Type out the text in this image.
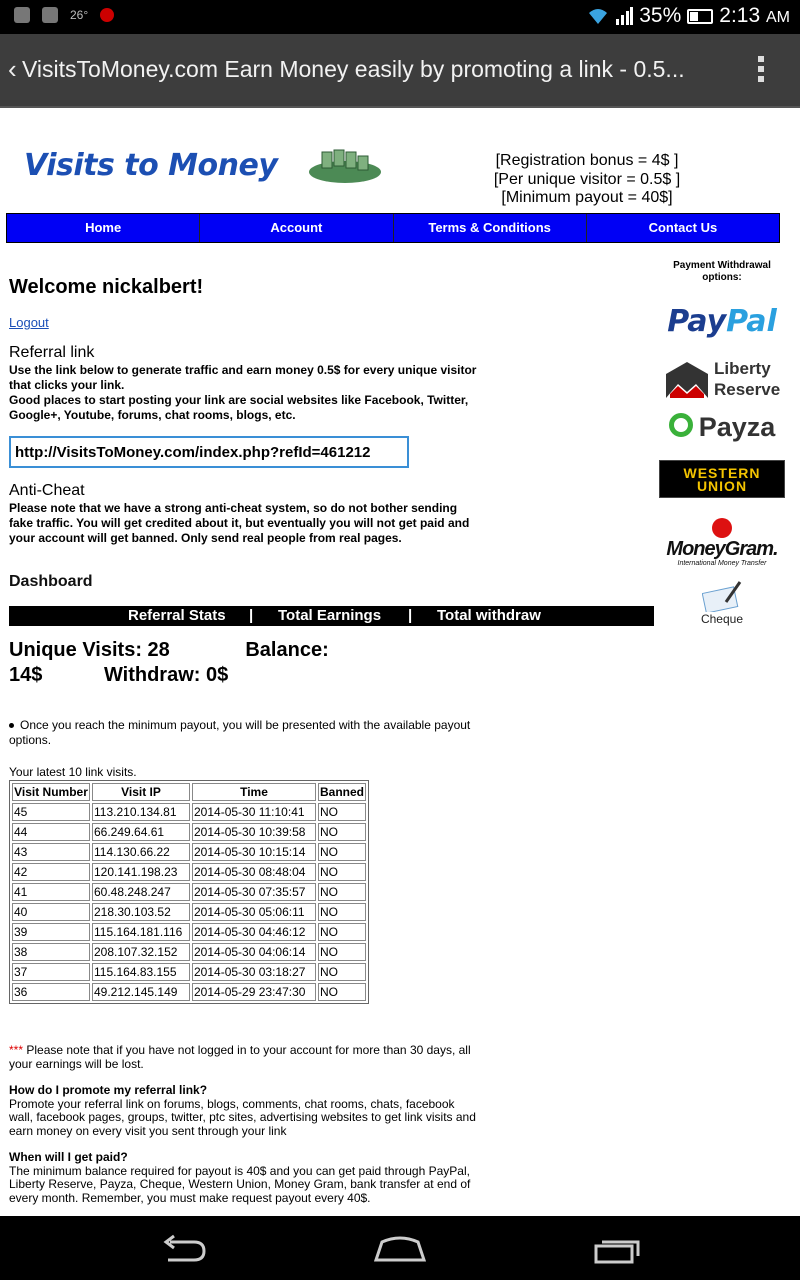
26°	35% 2:13 AM
‹ VisitsToMoney.com Earn Money easily by promoting a link - 0.5...
Visits to Money	[Registration bonus = 4$ ]
[Per unique visitor = 0.5$ ]
[Minimum payout = 40$]
Home	Account	Terms & Conditions	Contact Us
Welcome nickalbert!
Logout
Referral link
Use the link below to generate traffic and earn money 0.5$ for every unique visitor that clicks your link.
Good places to start posting your link are social websites like Facebook, Twitter, Google+, Youtube, forums, chat rooms, blogs, etc.
http://VisitsToMoney.com/index.php?refId=461212
Anti-Cheat
Please note that we have a strong anti-cheat system, so do not bother sending fake traffic. You will get credited about it, but eventually you will not get paid and your account will get banned. Only send real people from real pages.
Dashboard
Referral Stats | Total Earnings | Total withdraw
Unique Visits: 28	Balance:
14$	Withdraw: 0$
Once you reach the minimum payout, you will be presented with the available payout options.
Your latest 10 link visits.
Visit Number	Visit IP	Time	Banned
45	113.210.134.81	2014-05-30 11:10:41	NO
44	66.249.64.61	2014-05-30 10:39:58	NO
43	114.130.66.22	2014-05-30 10:15:14	NO
42	120.141.198.23	2014-05-30 08:48:04	NO
41	60.48.248.247	2014-05-30 07:35:57	NO
40	218.30.103.52	2014-05-30 05:06:11	NO
39	115.164.181.116	2014-05-30 04:46:12	NO
38	208.107.32.152	2014-05-30 04:06:14	NO
37	115.164.83.155	2014-05-30 03:18:27	NO
36	49.212.145.149	2014-05-29 23:47:30	NO
*** Please note that if you have not logged in to your account for more than 30 days, all your earnings will be lost.
How do I promote my referral link?
Promote your referral link on forums, blogs, comments, chat rooms, chats, facebook wall, facebook pages, groups, twitter, ptc sites, advertising websites to get link visits and earn money on every visit you sent through your link
When will I get paid?
The minimum balance required for payout is 40$ and you can get paid through PayPal, Liberty Reserve, Payza, Cheque, Western Union, Money Gram, bank transfer at end of every month. Remember, you must make request payout every 40$.
Payment Withdrawal options:
PayPal
Liberty
Reserve
Payza
WESTERN
UNION
MoneyGram.
International Money Transfer
Cheque
